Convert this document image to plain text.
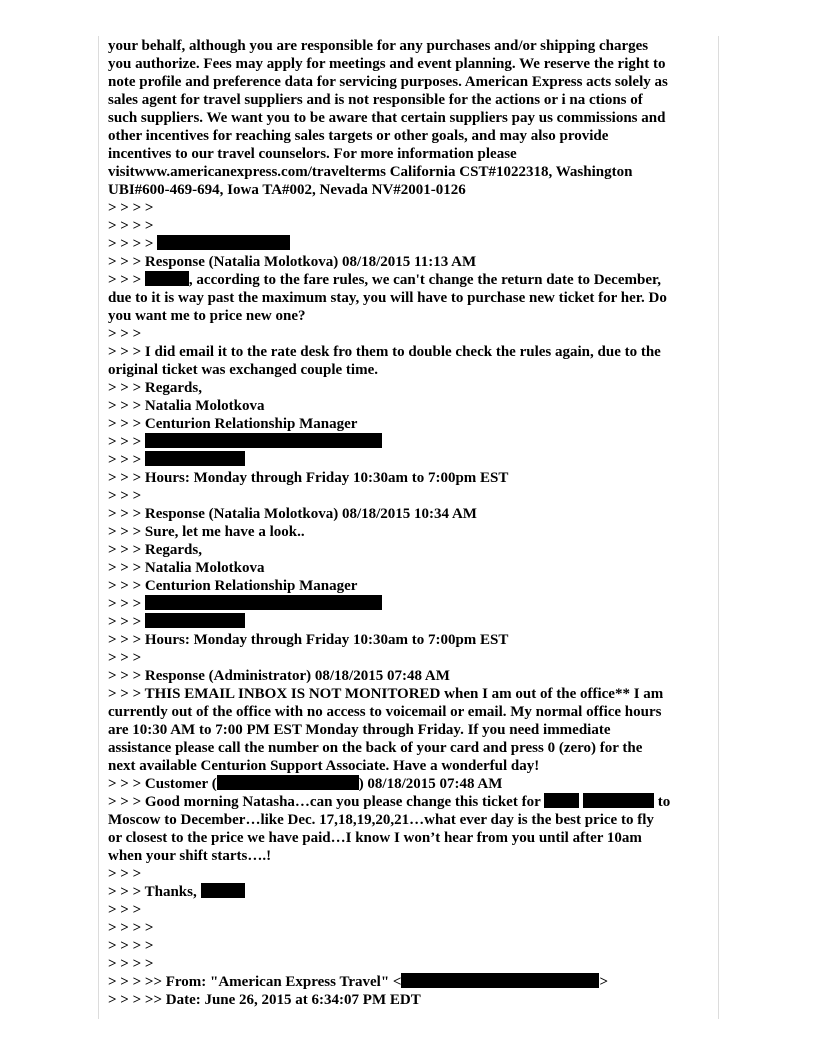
your behalf, although you are responsible for any purchases and/or shipping charges
you authorize. Fees may apply for meetings and event planning. We reserve the right to
note profile and preference data for servicing purposes. American Express acts solely as
sales agent for travel suppliers and is not responsible for the actions or i na ctions of
such suppliers. We want you to be aware that certain suppliers pay us commissions and
other incentives for reaching sales targets or other goals, and may also provide
incentives to our travel counselors. For more information please
visitwww.americanexpress.com/travelterms California CST#1022318, Washington
UBI#600-469-694, Iowa TA#002, Nevada NV#2001-0126
> > > >
> > > >
> > > >
> > > Response (Natalia Molotkova) 08/18/2015 11:13 AM
> > >	, according to the fare rules, we can't change the return date to December,
due to it is way past the maximum stay, you will have to purchase new ticket for her. Do
you want me to price new one?
> > >
> > > I did email it to the rate desk fro them to double check the rules again, due to the
original ticket was exchanged couple time.
> > > Regards,
> > > Natalia Molotkova
> > > Centurion Relationship Manager
> > >
> > >
> > > Hours: Monday through Friday 10:30am to 7:00pm EST
> > >
> > > Response (Natalia Molotkova) 08/18/2015 10:34 AM
> > > Sure, let me have a look..
> > > Regards,
> > > Natalia Molotkova
> > > Centurion Relationship Manager
> > >
> > >
> > > Hours: Monday through Friday 10:30am to 7:00pm EST
> > >
> > > Response (Administrator) 08/18/2015 07:48 AM
> > > THIS EMAIL INBOX IS NOT MONITORED when I am out of the office** I am
currently out of the office with no access to voicemail or email. My normal office hours
are 10:30 AM to 7:00 PM EST Monday through Friday. If you need immediate
assistance please call the number on the back of your card and press 0 (zero) for the
next available Centurion Support Associate. Have a wonderful day!
> > > Customer (	) 08/18/2015 07:48 AM
> > > Good morning Natasha…can you please change this ticket for	to
Moscow to December…like Dec. 17,18,19,20,21…what ever day is the best price to fly
or closest to the price we have paid…I know I won’t hear from you until after 10am
when your shift starts….!
> > >
> > > Thanks,
> > >
> > > >
> > > >
> > > >
> > > >> From: "American Express Travel" <	>
> > > >> Date: June 26, 2015 at 6:34:07 PM EDT
